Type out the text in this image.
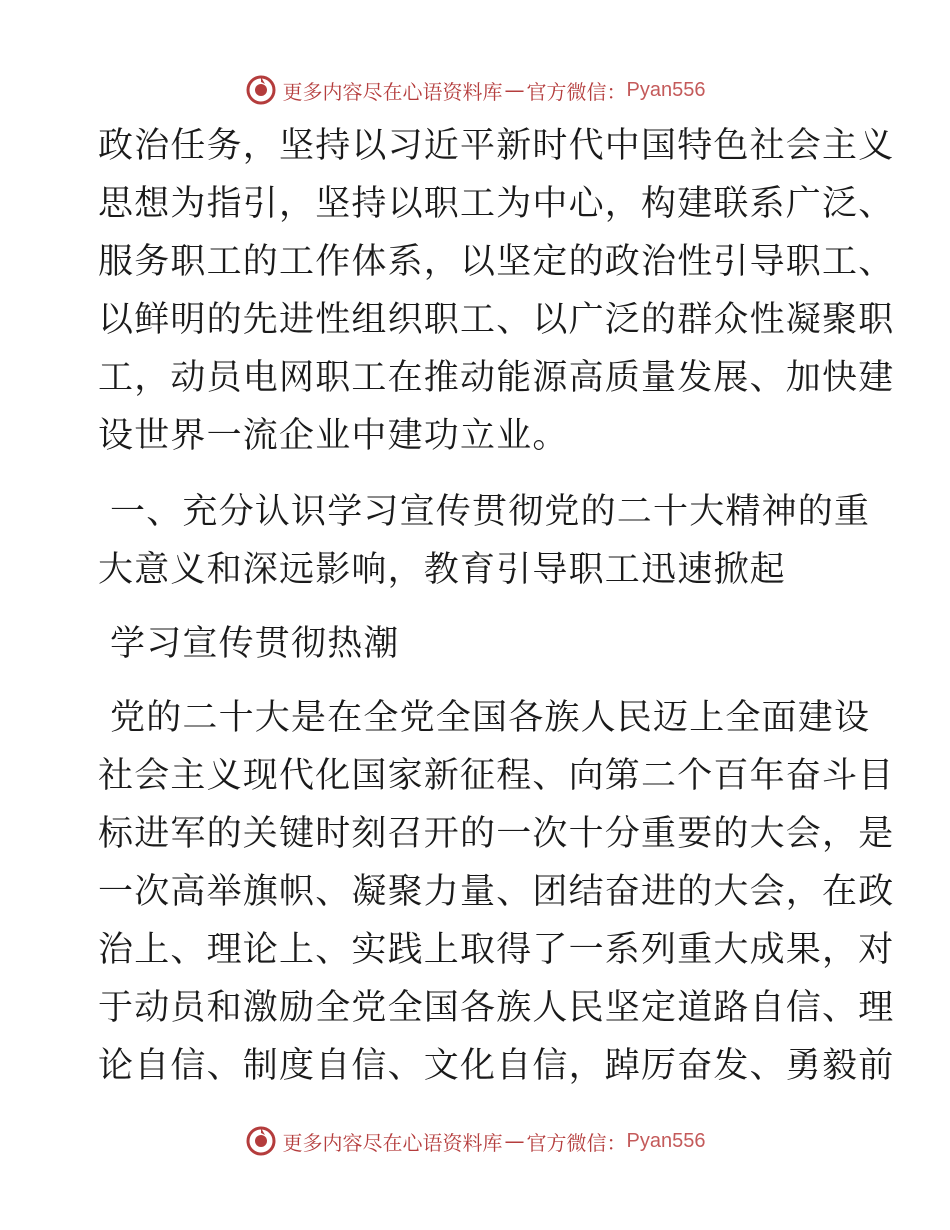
更多内容尽在心语资料库 — 官方微信： Pyan556

政治任务，坚持以习近平新时代中国特色社会主义

思想为指引，坚持以职工为中心，构建联系广泛、

服务职工的工作体系，以坚定的政治性引导职工、

以鲜明的先进性组织职工、以广泛的群众性凝聚职

工，动员电网职工在推动能源高质量发展、加快建

设世界一流企业中建功立业。

一、充分认识学习宣传贯彻党的二十大精神的重
大意义和深远影响，教育引导职工迅速掀起
学习宣传贯彻热潮

党的二十大是在全党全国各族人民迈上全面建设

社会主义现代化国家新征程、向第二个百年奋斗目

标进军的关键时刻召开的一次十分重要的大会，是

一次高举旗帜、凝聚力量、团结奋进的大会，在政

治上、理论上、实践上取得了一系列重大成果，对

于动员和激励全党全国各族人民坚定道路自信、理

论自信、制度自信、文化自信，踔厉奋发、勇毅前

更多内容尽在心语资料库 — 官方微信： Pyan556
